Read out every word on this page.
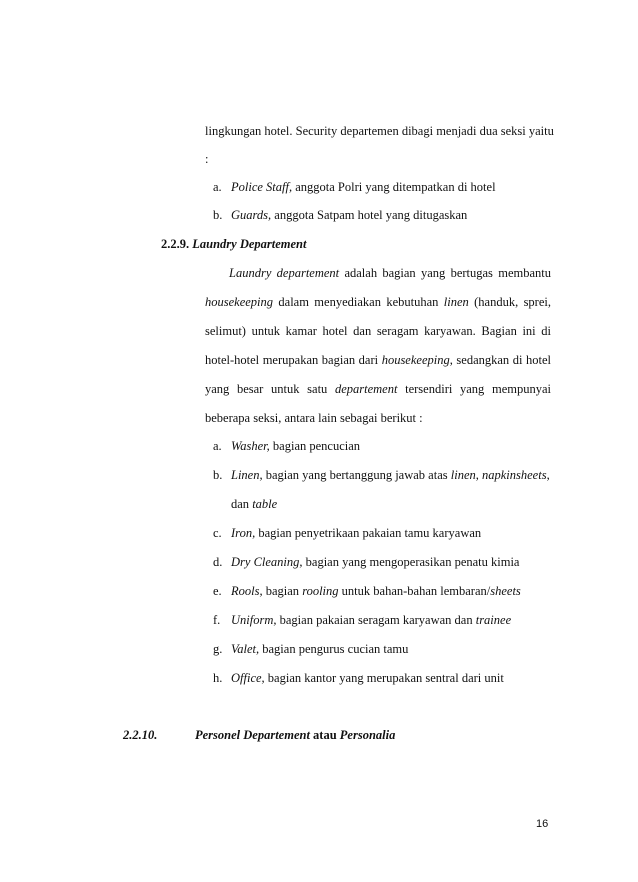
lingkungan hotel. Security departemen dibagi menjadi dua seksi yaitu
:
a. Police Staff, anggota Polri yang ditempatkan di hotel
b. Guards, anggota Satpam hotel yang ditugaskan
2.2.9. Laundry Departement
Laundry departement adalah bagian yang bertugas membantu
housekeeping dalam menyediakan kebutuhan linen (handuk, sprei,
selimut) untuk kamar hotel dan seragam karyawan. Bagian ini di
hotel-hotel merupakan bagian dari housekeeping, sedangkan di hotel
yang besar untuk satu departement tersendiri yang mempunyai
beberapa seksi, antara lain sebagai berikut :
a. Washer, bagian pencucian
b. Linen, bagian yang bertanggung jawab atas linen, napkinsheets,
dan table
c. Iron, bagian penyetrikaan pakaian tamu karyawan
d. Dry Cleaning, bagian yang mengoperasikan penatu kimia
e. Rools, bagian rooling untuk bahan-bahan lembaran/sheets
f. Uniform, bagian pakaian seragam karyawan dan trainee
g. Valet, bagian pengurus cucian tamu
h. Office, bagian kantor yang merupakan sentral dari unit
2.2.10.	Personel Departement atau Personalia
16
